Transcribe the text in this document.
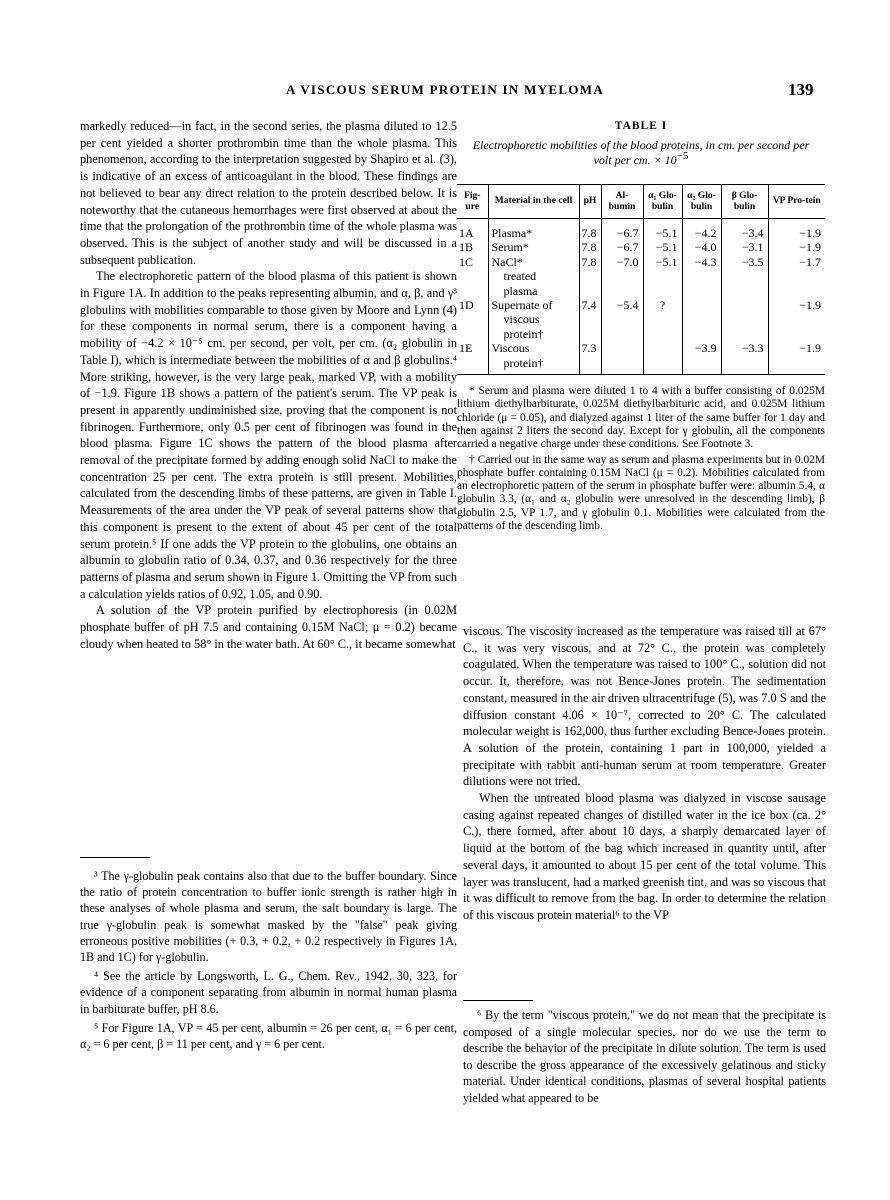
A VISCOUS SERUM PROTEIN IN MYELOMA	139

markedly reduced—in fact, in the second series, the plasma diluted to 12.5 per cent yielded a shorter prothrombin time than the whole plasma. This phenomenon, according to the interpretation suggested by Shapiro et al. (3), is indicative of an excess of anticoagulant in the blood. These findings are not believed to bear any direct relation to the protein described below. It is noteworthy that the cutaneous hemorrhages were first observed at about the time that the prolongation of the prothrombin time of the whole plasma was observed. This is the subject of another study and will be discussed in a subsequent publication.

The electrophoretic pattern of the blood plasma of this patient is shown in Figure 1A. In addition to the peaks representing albumin, and α, β, and γ³ globulins with mobilities comparable to those given by Moore and Lynn (4) for these components in normal serum, there is a component having a mobility of −4.2 × 10⁻⁵ cm. per second, per volt, per cm. (α₂ globulin in Table I), which is intermediate between the mobilities of α and β globulins.⁴ More striking, however, is the very large peak, marked VP, with a mobility of −1.9. Figure 1B shows a pattern of the patient's serum. The VP peak is present in apparently undiminished size, proving that the component is not fibrinogen. Furthermore, only 0.5 per cent of fibrinogen was found in the blood plasma. Figure 1C shows the pattern of the blood plasma after removal of the precipitate formed by adding enough solid NaCl to make the concentration 25 per cent. The extra protein is still present. Mobilities, calculated from the descending limbs of these patterns, are given in Table I. Measurements of the area under the VP peak of several patterns show that this component is present to the extent of about 45 per cent of the total serum protein.⁵ If one adds the VP protein to the globulins, one obtains an albumin to globulin ratio of 0.34, 0.37, and 0.36 respectively for the three patterns of plasma and serum shown in Figure 1. Omitting the VP from such a calculation yields ratios of 0.92, 1.05, and 0.90.

A solution of the VP protein purified by electrophoresis (in 0.02M phosphate buffer of pH 7.5 and containing 0.15M NaCl; μ = 0.2) became cloudy when heated to 58° in the water bath. At 60° C., it became somewhat

³ The γ-globulin peak contains also that due to the buffer boundary. Since the ratio of protein concentration to buffer ionic strength is rather high in these analyses of whole plasma and serum, the salt boundary is large. The true γ-globulin peak is somewhat masked by the "false" peak giving erroneous positive mobilities (+ 0.3, + 0.2, + 0.2 respectively in Figures 1A, 1B and 1C) for γ-globulin.

⁴ See the article by Longsworth, L. G., Chem. Rev., 1942, 30, 323, for evidence of a component separating from albumin in normal human plasma in barbiturate buffer, pH 8.6.

⁵ For Figure 1A, VP = 45 per cent, albumin = 26 per cent, α₁ = 6 per cent, α₂ = 6 per cent, β = 11 per cent, and γ = 6 per cent.

TABLE I
Electrophoretic mobilities of the blood proteins, in cm. per second per volt per cm. × $10^{-5}$
Fig-ure	Material in the cell	pH	Al-bumin	α₁ Glo-bulin	α₂ Glo-bulin	β Glo-bulin	VP Pro-tein
1A	Plasma*	7.8	−6.7	−5.1	−4.2	−3.4	−1.9
1B	Serum*	7.8	−6.7	−5.1	−4.0	−3.1	−1.9
1C	NaCl*	7.8	−7.0	−5.1	−4.3	−3.5	−1.7
	treated						
	plasma						
1D	Supernate of	7.4	−5.4	?			−1.9
	viscous						
	protein†						
1E	Viscous	7.3			−3.9	−3.3	−1.9
	protein†						

* Serum and plasma were diluted 1 to 4 with a buffer consisting of 0.025M lithium diethylbarbiturate, 0.025M diethylbarbituric acid, and 0.025M lithium chloride (μ = 0.05), and dialyzed against 1 liter of the same buffer for 1 day and then against 2 liters the second day. Except for γ globulin, all the components carried a negative charge under these conditions. See Footnote 3.

† Carried out in the same way as serum and plasma experiments but in 0.02M phosphate buffer containing 0.15M NaCl (μ = 0.2). Mobilities calculated from an electrophoretic pattern of the serum in phosphate buffer were: albumin 5.4, α globulin 3.3, (α₁ and α₂ globulin were unresolved in the descending limb), β globulin 2.5, VP 1.7, and γ globulin 0.1. Mobilities were calculated from the patterns of the descending limb.

viscous. The viscosity increased as the temperature was raised till at 67° C., it was very viscous, and at 72° C., the protein was completely coagulated. When the temperature was raised to 100° C., solution did not occur. It, therefore, was not Bence-Jones protein. The sedimentation constant, measured in the air driven ultracentrifuge (5), was 7.0 S and the diffusion constant 4.06 × 10⁻⁷, corrected to 20° C. The calculated molecular weight is 162,000, thus further excluding Bence-Jones protein. A solution of the protein, containing 1 part in 100,000, yielded a precipitate with rabbit anti-human serum at room temperature. Greater dilutions were not tried.

When the untreated blood plasma was dialyzed in viscose sausage casing against repeated changes of distilled water in the ice box (ca. 2° C.), there formed, after about 10 days, a sharply demarcated layer of liquid at the bottom of the bag which increased in quantity until, after several days, it amounted to about 15 per cent of the total volume. This layer was translucent, had a marked greenish tint, and was so viscous that it was difficult to remove from the bag. In order to determine the relation of this viscous protein material⁶ to the VP

⁶ By the term "viscous protein," we do not mean that the precipitate is composed of a single molecular species, nor do we use the term to describe the behavior of the precipitate in dilute solution. The term is used to describe the gross appearance of the excessively gelatinous and sticky material. Under identical conditions, plasmas of several hospital patients yielded what appeared to be
